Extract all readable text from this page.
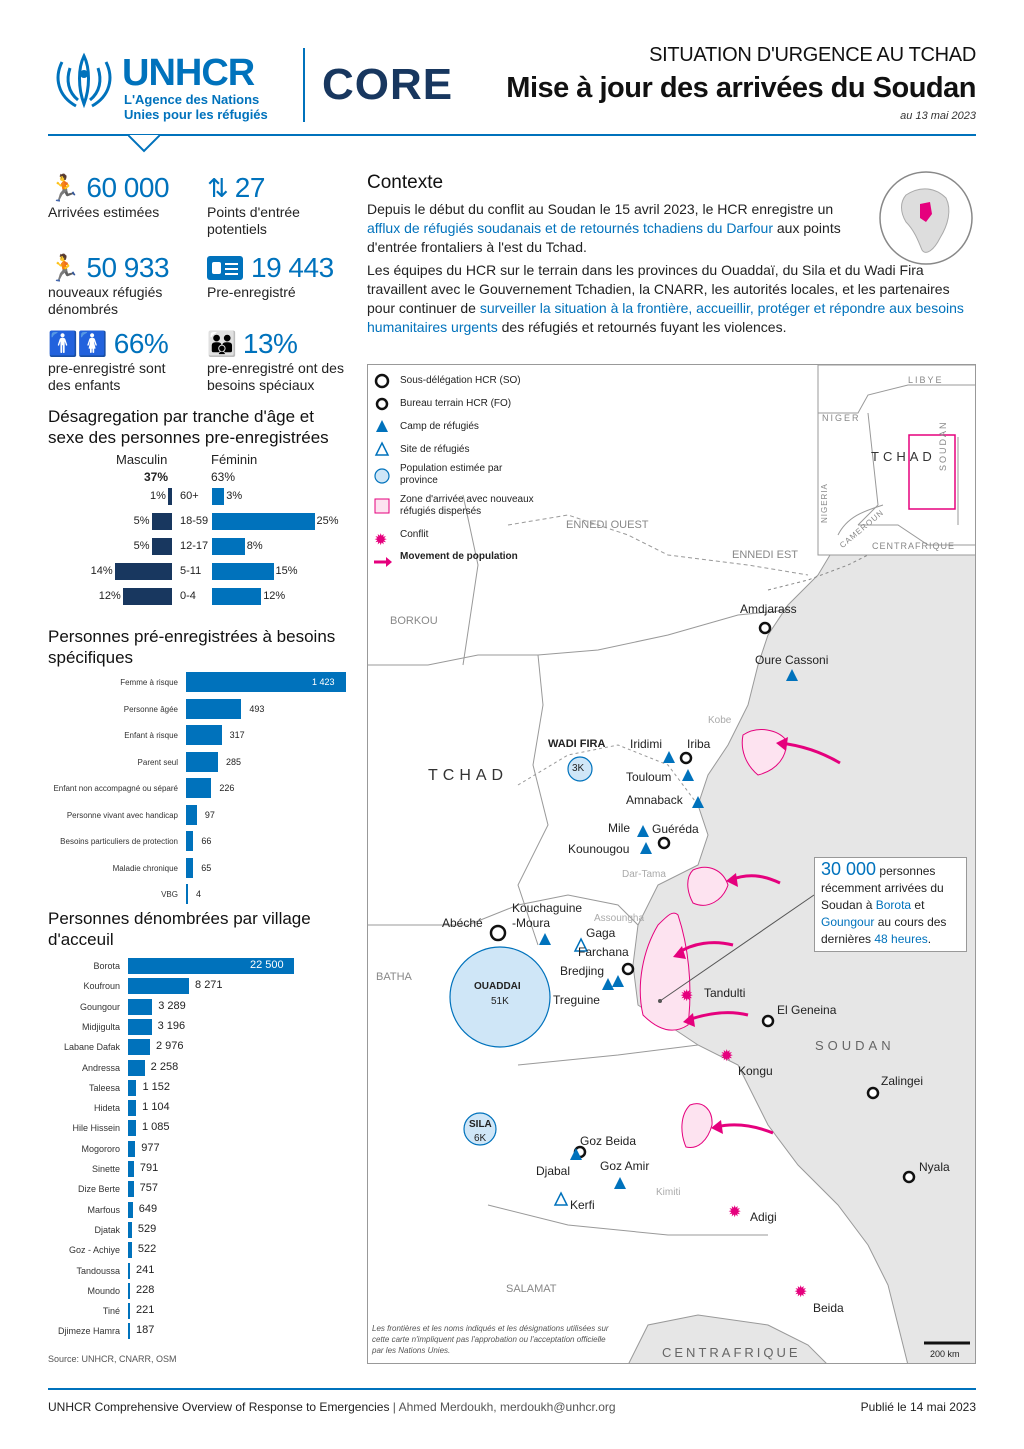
UNHCR
L'Agence des Nations
Unies pour les réfugiés
CORE
SITUATION D'URGENCE AU TCHAD
Mise à jour des arrivées du Soudan
au 13 mai 2023
🏃 60 000
Arrivées estimées
⇅ 27
Points d'entrée potentiels
🏃 50 933
nouveaux réfugiés dénombrés
19 443
Pre-enregistré
🚹🚺 66%
pre-enregistré sont des enfants
👪 13%
pre-enregistré ont des besoins spéciaux
Désagregation par tranche d'âge et sexe des personnes pre-enregistrées
Masculin	Féminin
37%	63%
1% 60+	3%
5%	18-59	25%
5%	12-17	8%
14%	5-11	15%
12%	0-4	12%
Personnes pré-enregistrées à besoins spécifiques
Femme à risque	1 423
Personne âgée	493
Enfant à risque	317
Parent seul	285
Enfant non accompagné ou séparé	226
Personne vivant avec handicap	97
Besoins particuliers de protection	66
Maladie chronique	65
VBG 4
Personnes dénombrées par village d'acceuil
Borota	22 500
Koufroun	8 271
Goungour	3 289
Midjigulta	3 196
Labane Dafak	2 976
Andressa	2 258
Taleesa 1 152
Hideta 1 104
Hile Hissein 1 085
Mogororo 977
Sinette 791
Dize Berte 757
Marfous 649
Djatak 529
Goz - Achiye 522
Tandoussa 241
Moundo 228
Tiné 221
Djimeze Hamra 187
Source: UNHCR, CNARR, OSM
Contexte
Depuis le début du conflit au Soudan le 15 avril 2023, le HCR enregistre un afflux de réfugiés soudanais et de retournés tchadiens du Darfour aux points d'entrée frontaliers à l'est du Tchad.
Les équipes du HCR sur le terrain dans les provinces du Ouaddaï, du Sila et du Wadi Fira travaillent avec le Gouvernement Tchadien, la CNARR, les autorités locales, et les partenaires pour continuer de surveiller la situation à la frontière, accueillir, protéger et répondre aux besoins humanitaires urgents des réfugiés et retournés fuyant les violences.
✹
✹
✹
✹
✹
Sous-délégation HCR (SO)
Bureau terrain HCR (FO)
Camp de réfugiés
Site de réfugiés
Population estimée par province
Zone d'arrivée avec nouveaux réfugiés dispersés
Conflit
Movement de population
ENNEDI OUEST
ENNEDI EST
BORKOU
Kobe
Dar-Tama
Assoungha
BATHA
Kimiti
SALAMAT
CENTRAFRIQUE
TCHAD
SOUDAN
Amdjarass
Oure Cassoni
WADI FIRA Iridimi Iriba
Touloum
Amnaback
Mile Guéréda
Kounougou
Kouchaguine
-Moura
Abéché
Gaga
Farchana
Bredjing
Treguine
OUADDAI
51K
3K
SILA
6K
Tandulti
El Geneina
Kongu
Zalingei
Goz Beida
Djabal Goz Amir
Kerfi
Nyala
Adigi
Beida
LIBYE
NIGER
TCHAD SOUDAN
NIGERIA
CAMEROUN
CENTRAFRIQUE
30 000 personnes récemment arrivées du Soudan à Borota et Goungour au cours des dernières 48 heures.
Les frontières et les noms indiqués et les désignations utilisées sur cette carte n'impliquent pas l'approbation ou l'acceptation officielle par les Nations Unies.	200 km
UNHCR Comprehensive Overview of Response to Emergencies | Ahmed Merdoukh, merdoukh@unhcr.org	Publié le 14 mai 2023
